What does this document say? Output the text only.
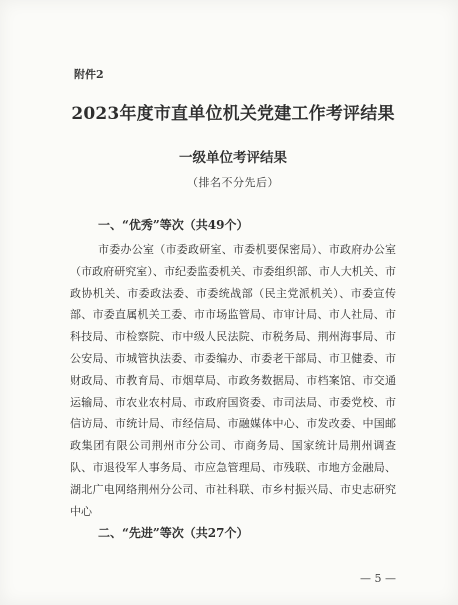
附件2
2023年度市直单位机关党建工作考评结果
一级单位考评结果
（排名不分先后）
一、“优秀”等次（共49个）

市委办公室（市委政研室、市委机要保密局）、市政府办公室（市政府研究室）、市纪委监委机关、市委组织部、市人大机关、市政协机关、市委政法委、市委统战部（民主党派机关）、市委宣传部、市委直属机关工委、市市场监管局、市审计局、市人社局、市科技局、市检察院、市中级人民法院、市税务局、荆州海事局、市公安局、市城管执法委、市委编办、市委老干部局、市卫健委、市财政局、市教育局、市烟草局、市政务数据局、市档案馆、市交通运输局、市农业农村局、市政府国资委、市司法局、市委党校、市信访局、市统计局、市经信局、市融媒体中心、市发改委、中国邮政集团有限公司荆州市分公司、市商务局、国家统计局荆州调查队、市退役军人事务局、市应急管理局、市残联、市地方金融局、湖北广电网络荆州分公司、市社科联、市乡村振兴局、市史志研究中心

二、“先进”等次（共27个）
— 5 —
